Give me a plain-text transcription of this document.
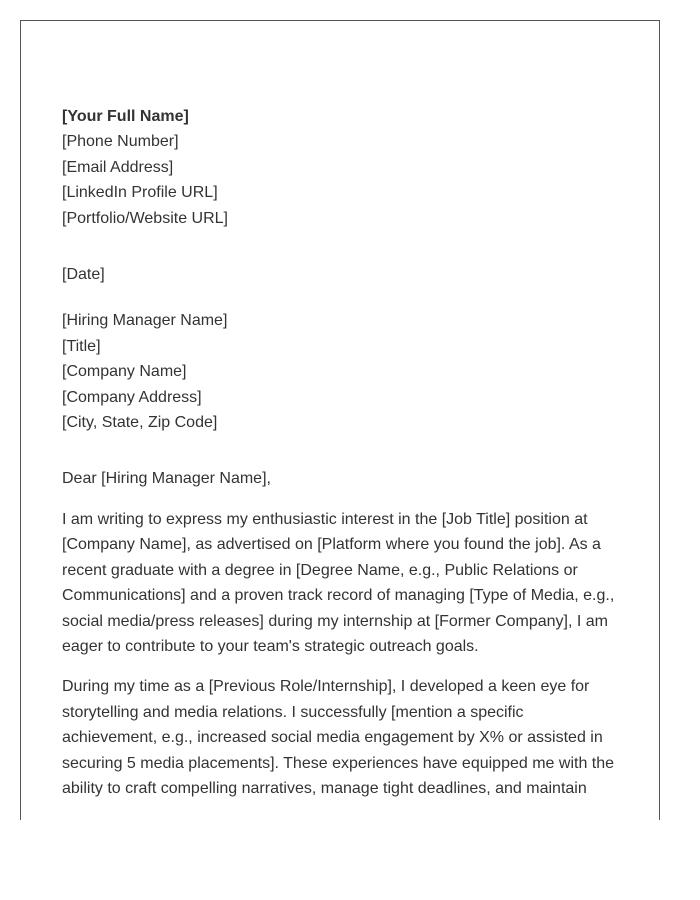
[Your Full Name]
[Phone Number]
[Email Address]
[LinkedIn Profile URL]
[Portfolio/Website URL]
[Date]
[Hiring Manager Name]
[Title]
[Company Name]
[Company Address]
[City, State, Zip Code]
Dear [Hiring Manager Name],
I am writing to express my enthusiastic interest in the [Job Title] position at
[Company Name], as advertised on [Platform where you found the job]. As a
recent graduate with a degree in [Degree Name, e.g., Public Relations or
Communications] and a proven track record of managing [Type of Media, e.g.,
social media/press releases] during my internship at [Former Company], I am
eager to contribute to your team's strategic outreach goals.
During my time as a [Previous Role/Internship], I developed a keen eye for
storytelling and media relations. I successfully [mention a specific
achievement, e.g., increased social media engagement by X% or assisted in
securing 5 media placements]. These experiences have equipped me with the
ability to craft compelling narratives, manage tight deadlines, and maintain
